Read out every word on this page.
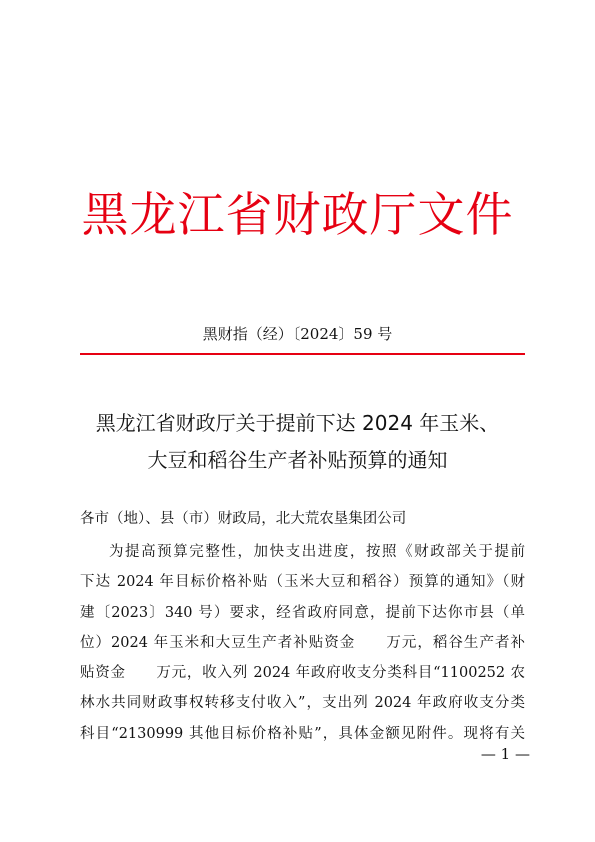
黑龙江省财政厅文件
黑财指（经）〔2024〕59 号
黑龙江省财政厅关于提前下达 2024 年玉米、
大豆和稻谷生产者补贴预算的通知
各市（地）、县（市）财政局，北大荒农垦集团公司
为提高预算完整性，加快支出进度，按照《财政部关于提前
下达 2024 年目标价格补贴（玉米大豆和稻谷）预算的通知》（财
建〔2023〕340 号）要求，经省政府同意，提前下达你市县（单
位）2024 年玉米和大豆生产者补贴资金　　万元，稻谷生产者补
贴资金　　万元，收入列 2024 年政府收支分类科目“1100252 农
林水共同财政事权转移支付收入”，支出列 2024 年政府收支分类
科目“2130999 其他目标价格补贴”，具体金额见附件。现将有关
— 1 —
